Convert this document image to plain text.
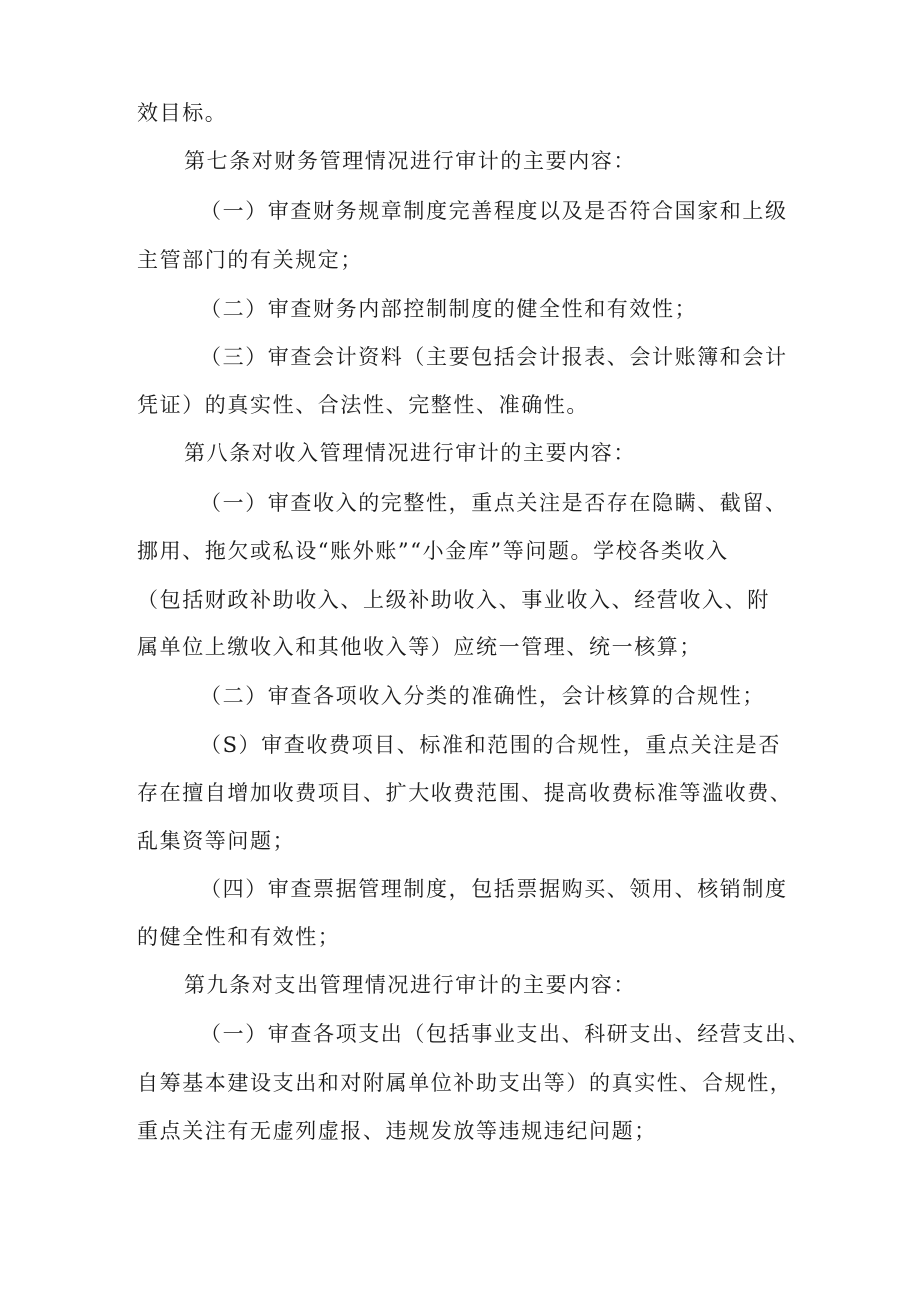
效目标。
第七条对财务管理情况进行审计的主要内容：
（一）审查财务规章制度完善程度以及是否符合国家和上级
主管部门的有关规定；
（二）审查财务内部控制制度的健全性和有效性；
（三）审查会计资料（主要包括会计报表、会计账簿和会计
凭证）的真实性、合法性、完整性、准确性。
第八条对收入管理情况进行审计的主要内容：
（一）审查收入的完整性，重点关注是否存在隐瞒、截留、
挪用、拖欠或私设“账外账”“小金库”等问题。学校各类收入
（包括财政补助收入、上级补助收入、事业收入、经营收入、附
属单位上缴收入和其他收入等）应统一管理、统一核算；
（二）审查各项收入分类的准确性，会计核算的合规性；
（S）审查收费项目、标准和范围的合规性，重点关注是否
存在擅自增加收费项目、扩大收费范围、提高收费标准等滥收费、
乱集资等问题；
（四）审查票据管理制度，包括票据购买、领用、核销制度
的健全性和有效性；
第九条对支出管理情况进行审计的主要内容：
（一）审查各项支出（包括事业支出、科研支出、经营支出、
自筹基本建设支出和对附属单位补助支出等）的真实性、合规性，
重点关注有无虚列虚报、违规发放等违规违纪问题；
